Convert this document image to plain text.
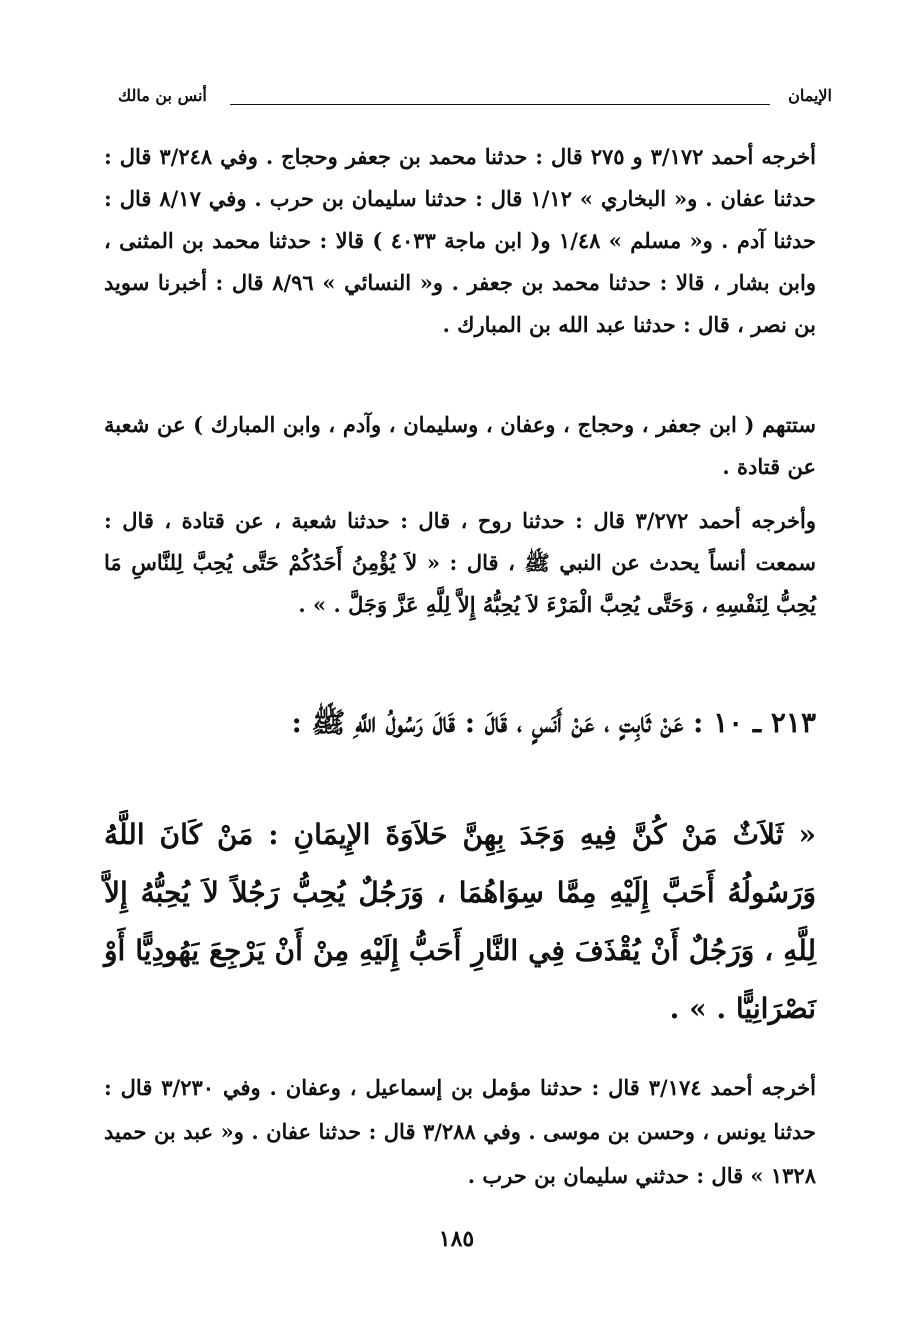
الإيمان
أنس بن مالك
أخرجه أحمد ٣/١٧٢ و ٢٧٥ قال : حدثنا محمد بن جعفر وحجاج . وفي ٣/٢٤٨ قال : حدثنا عفان . و« البخاري » ١/١٢ قال : حدثنا سليمان بن حرب . وفي ٨/١٧ قال : حدثنا آدم . و« مسلم » ١/٤٨ و( ابن ماجة ٤٠٣٣ ) قالا : حدثنا محمد بن المثنى ، وابن بشار ، قالا : حدثنا محمد بن جعفر . و« النسائي » ٨/٩٦ قال : أخبرنا سويد بن نصر ، قال : حدثنا عبد الله بن المبارك .
ستتهم ( ابن جعفر ، وحجاج ، وعفان ، وسليمان ، وآدم ، وابن المبارك ) عن شعبة عن قتادة .
وأخرجه أحمد ٣/٢٧٢ قال : حدثنا روح ، قال : حدثنا شعبة ، عن قتادة ، قال : سمعت أنساً يحدث عن النبي ﷺ ، قال : « لاَ يُؤْمِنُ أَحَدُكُمْ حَتَّى يُحِبَّ لِلنَّاسِ مَا يُحِبُّ لِنَفْسِهِ ، وَحَتَّى يُحِبَّ الْمَرْءَ لاَ يُحِبُّهُ إِلاَّ لِلَّهِ عَزَّ وَجَلَّ . » .
٢١٣ ـ ١٠ : عَنْ ثَابِتٍ ، عَنْ أَنَسٍ ، قَالَ : قَالَ رَسُولُ اللَّهِ ﷺ :
« ثَلاَثٌ مَنْ كُنَّ فِيهِ وَجَدَ بِهِنَّ حَلاَوَةَ الإِيمَانِ : مَنْ كَانَ اللَّهُ وَرَسُولُهُ أَحَبَّ إِلَيْهِ مِمَّا سِوَاهُمَا ، وَرَجُلٌ يُحِبُّ رَجُلاً لاَ يُحِبُّهُ إِلاَّ لِلَّهِ ، وَرَجُلٌ أَنْ يُقْذَفَ فِي النَّارِ أَحَبُّ إِلَيْهِ مِنْ أَنْ يَرْجِعَ يَهُودِيًّا أَوْ نَصْرَانِيًّا . » .
أخرجه أحمد ٣/١٧٤ قال : حدثنا مؤمل بن إسماعيل ، وعفان . وفي ٣/٢٣٠ قال : حدثنا يونس ، وحسن بن موسى . وفي ٣/٢٨٨ قال : حدثنا عفان . و« عبد بن حميد ١٣٢٨ » قال : حدثني سليمان بن حرب .
١٨٥
